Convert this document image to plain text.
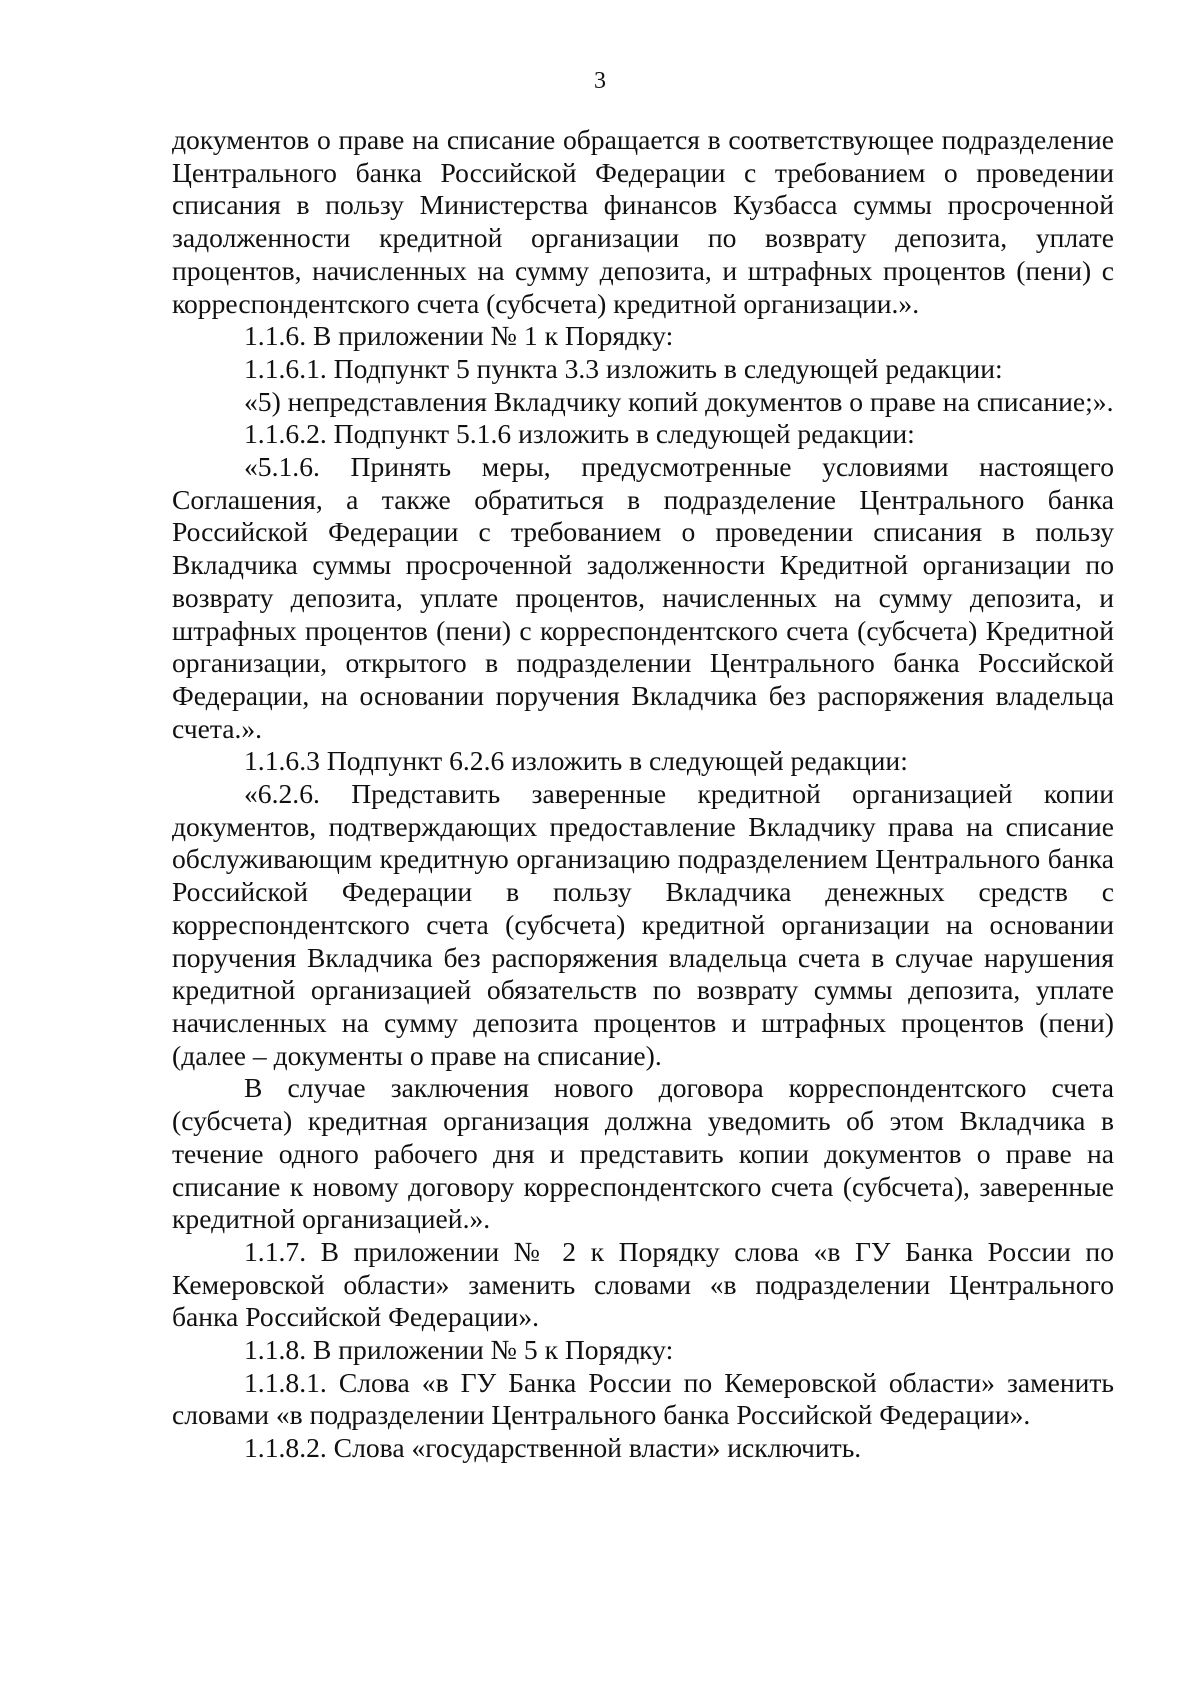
3

документов о праве на списание обращается в соответствующее подразделение Центрального банка Российской Федерации с требованием о проведении списания в пользу Министерства финансов Кузбасса суммы просроченной задолженности кредитной организации по возврату депозита, уплате процентов, начисленных на сумму депозита, и штрафных процентов (пени) с корреспондентского счета (субсчета) кредитной организации.».

1.1.6. В приложении № 1 к Порядку:

1.1.6.1. Подпункт 5 пункта 3.3 изложить в следующей редакции:

«5) непредставления Вкладчику копий документов о праве на списание;».

1.1.6.2. Подпункт 5.1.6 изложить в следующей редакции:

«5.1.6. Принять меры, предусмотренные условиями настоящего Соглашения, а также обратиться в подразделение Центрального банка Российской Федерации с требованием о проведении списания в пользу Вкладчика суммы просроченной задолженности Кредитной организации по возврату депозита, уплате процентов, начисленных на сумму депозита, и штрафных процентов (пени) с корреспондентского счета (субсчета) Кредитной организации, открытого в подразделении Центрального банка Российской Федерации, на основании поручения Вкладчика без распоряжения владельца счета.».

1.1.6.3 Подпункт 6.2.6 изложить в следующей редакции:

«6.2.6. Представить заверенные кредитной организацией копии документов, подтверждающих предоставление Вкладчику права на списание обслуживающим кредитную организацию подразделением Центрального банка Российской Федерации в пользу Вкладчика денежных средств с корреспондентского счета (субсчета) кредитной организации на основании поручения Вкладчика без распоряжения владельца счета в случае нарушения кредитной организацией обязательств по возврату суммы депозита, уплате начисленных на сумму депозита процентов и штрафных процентов (пени) (далее – документы о праве на списание).

В случае заключения нового договора корреспондентского счета (субсчета) кредитная организация должна уведомить об этом Вкладчика в течение одного рабочего дня и представить копии документов о праве на списание к новому договору корреспондентского счета (субсчета), заверенные кредитной организацией.».

1.1.7. В приложении № 2 к Порядку слова «в ГУ Банка России по Кемеровской области» заменить словами «в подразделении Центрального банка Российской Федерации».

1.1.8. В приложении № 5 к Порядку:

1.1.8.1. Слова «в ГУ Банка России по Кемеровской области» заменить словами «в подразделении Центрального банка Российской Федерации».

1.1.8.2. Слова «государственной власти» исключить.
